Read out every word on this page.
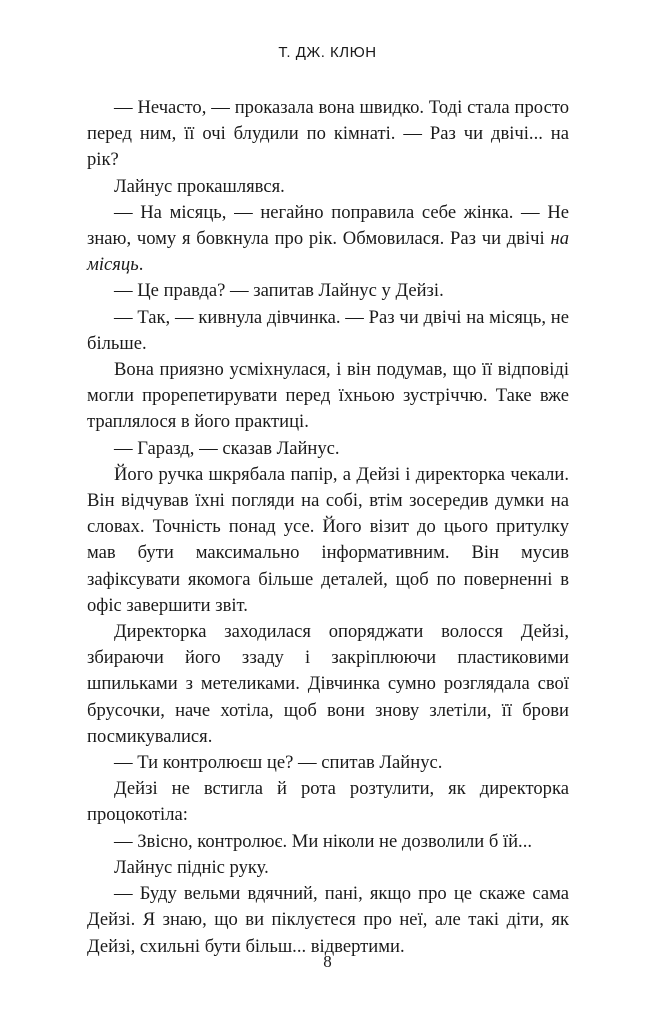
Т. ДЖ. КЛЮН

— Нечасто, — проказала вона швидко. Тоді стала просто перед ним, її очі блудили по кімнаті. — Раз чи двічі... на рік?

Лайнус прокашлявся.

— На місяць, — негайно поправила себе жінка. — Не знаю, чому я бовкнула про рік. Обмовилася. Раз чи двічі на місяць.

— Це правда? — запитав Лайнус у Дейзі.

— Так, — кивнула дівчинка. — Раз чи двічі на місяць, не більше.

Вона приязно усміхнулася, і він подумав, що її відповіді могли прорепетирувати перед їхньою зустріччю. Таке вже траплялося в його практиці.

— Гаразд, — сказав Лайнус.

Його ручка шкрябала папір, а Дейзі і директорка чекали. Він відчував їхні погляди на собі, втім зосередив думки на словах. Точність понад усе. Його візит до цього притулку мав бути максимально інформативним. Він мусив зафіксувати якомога більше деталей, щоб по поверненні в офіс завершити звіт.

Директорка заходилася опоряджати волосся Дейзі, збираючи його ззаду і закріплюючи пластиковими шпильками з метеликами. Дівчинка сумно розглядала свої брусочки, наче хотіла, щоб вони знову злетіли, її брови посмикувалися.

— Ти контролюєш це? — спитав Лайнус.

Дейзі не встигла й рота розтулити, як директорка процокотіла:

— Звісно, контролює. Ми ніколи не дозволили б їй...

Лайнус підніс руку.

— Буду вельми вдячний, пані, якщо про це скаже сама Дейзі. Я знаю, що ви піклуєтеся про неї, але такі діти, як Дейзі, схильні бути більш... відвертими.

8
